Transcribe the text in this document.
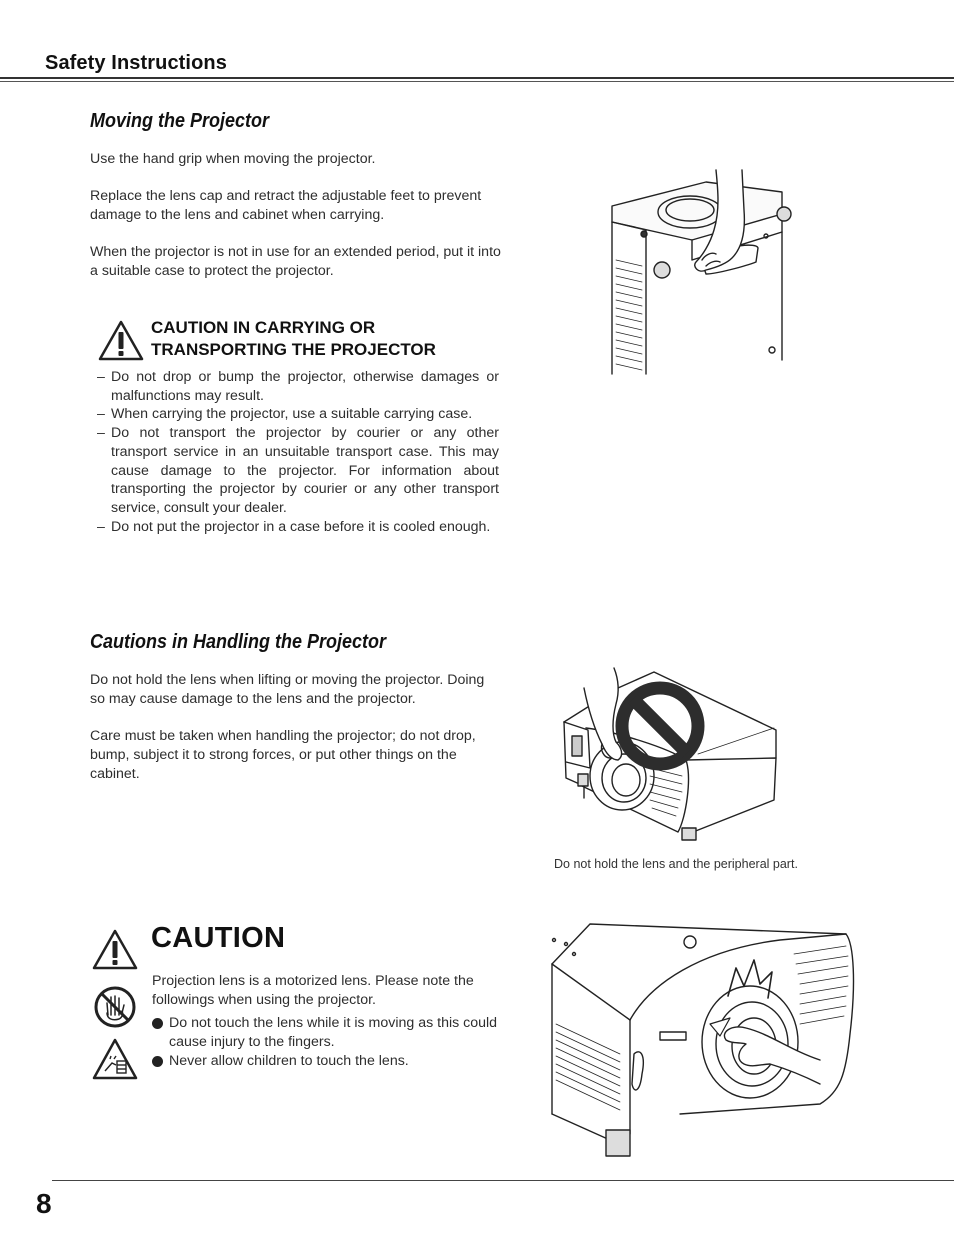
Safety Instructions
Moving the Projector

Use the hand grip when moving the projector.

Replace the lens cap and retract the adjustable feet to prevent damage to the lens and cabinet when carrying.

When the projector is not in use for an extended period, put it into a suitable case to protect the projector.

CAUTION IN CARRYING OR
TRANSPORTING THE PROJECTOR
– Do not drop or bump the projector, otherwise damages or malfunctions may result.
– When carrying the projector, use a suitable carrying case.
– Do not transport the projector by courier or any other transport service in an unsuitable transport case. This may cause damage to the projector. For information about transporting the projector by courier or any other transport service, consult your dealer.
– Do not put the projector in a case before it is cooled enough.
Cautions in Handling the Projector

Do not hold the lens when lifting or moving the projector. Doing so may cause damage to the lens and the projector.

Care must be taken when handling the projector; do not drop, bump, subject it to strong forces, or put other things on the cabinet.

Do not hold the lens and the peripheral part.
CAUTION

Projection lens is a motorized lens. Please note the followings when using the projector.

Do not touch the lens while it is moving as this could cause injury to the fingers.
Never allow children to touch the lens.
8
